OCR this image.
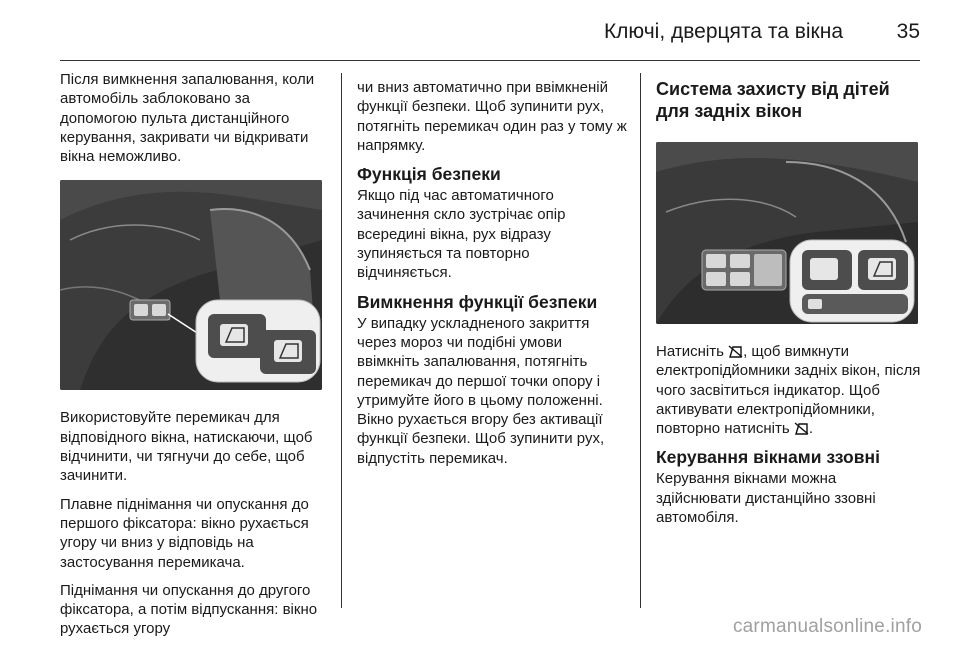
Ключі, дверцята та вікна	35

Після вимкнення запалювання, коли автомобіль заблоковано за допомогою пульта дистанційного керування, закривати чи відкривати вікна неможливо.

Використовуйте перемикач для відповідного вікна, натискаючи, щоб відчинити, чи тягнучи до себе, щоб зачинити.

Плавне піднімання чи опускання до першого фіксатора: вікно рухається угору чи вниз у відповідь на застосування перемикача.

Піднімання чи опускання до другого фіксатора, а потім відпускання: вікно рухається угору

чи вниз автоматично при ввімкненій функції безпеки. Щоб зупинити рух, потягніть перемикач один раз у тому ж напрямку.

Функція безпеки

Якщо під час автоматичного зачинення скло зустрічає опір всередині вікна, рух відразу зупиняється та повторно відчиняється.

Вимкнення функції безпеки

У випадку ускладненого закриття через мороз чи подібні умови ввімкніть запалювання, потягніть перемикач до першої точки опору і утримуйте його в цьому положенні. Вікно рухається вгору без активації функції безпеки. Щоб зупинити рух, відпустіть перемикач.

Система захисту від дітей для задніх вікон

Натисніть , щоб вимкнути електропідйомники задніх вікон, після чого засвітиться індикатор. Щоб активувати електропідйомники, повторно натисніть .

Керування вікнами ззовні

Керування вікнами можна здійснювати дистанційно ззовні автомобіля.

carmanualsonline.info
